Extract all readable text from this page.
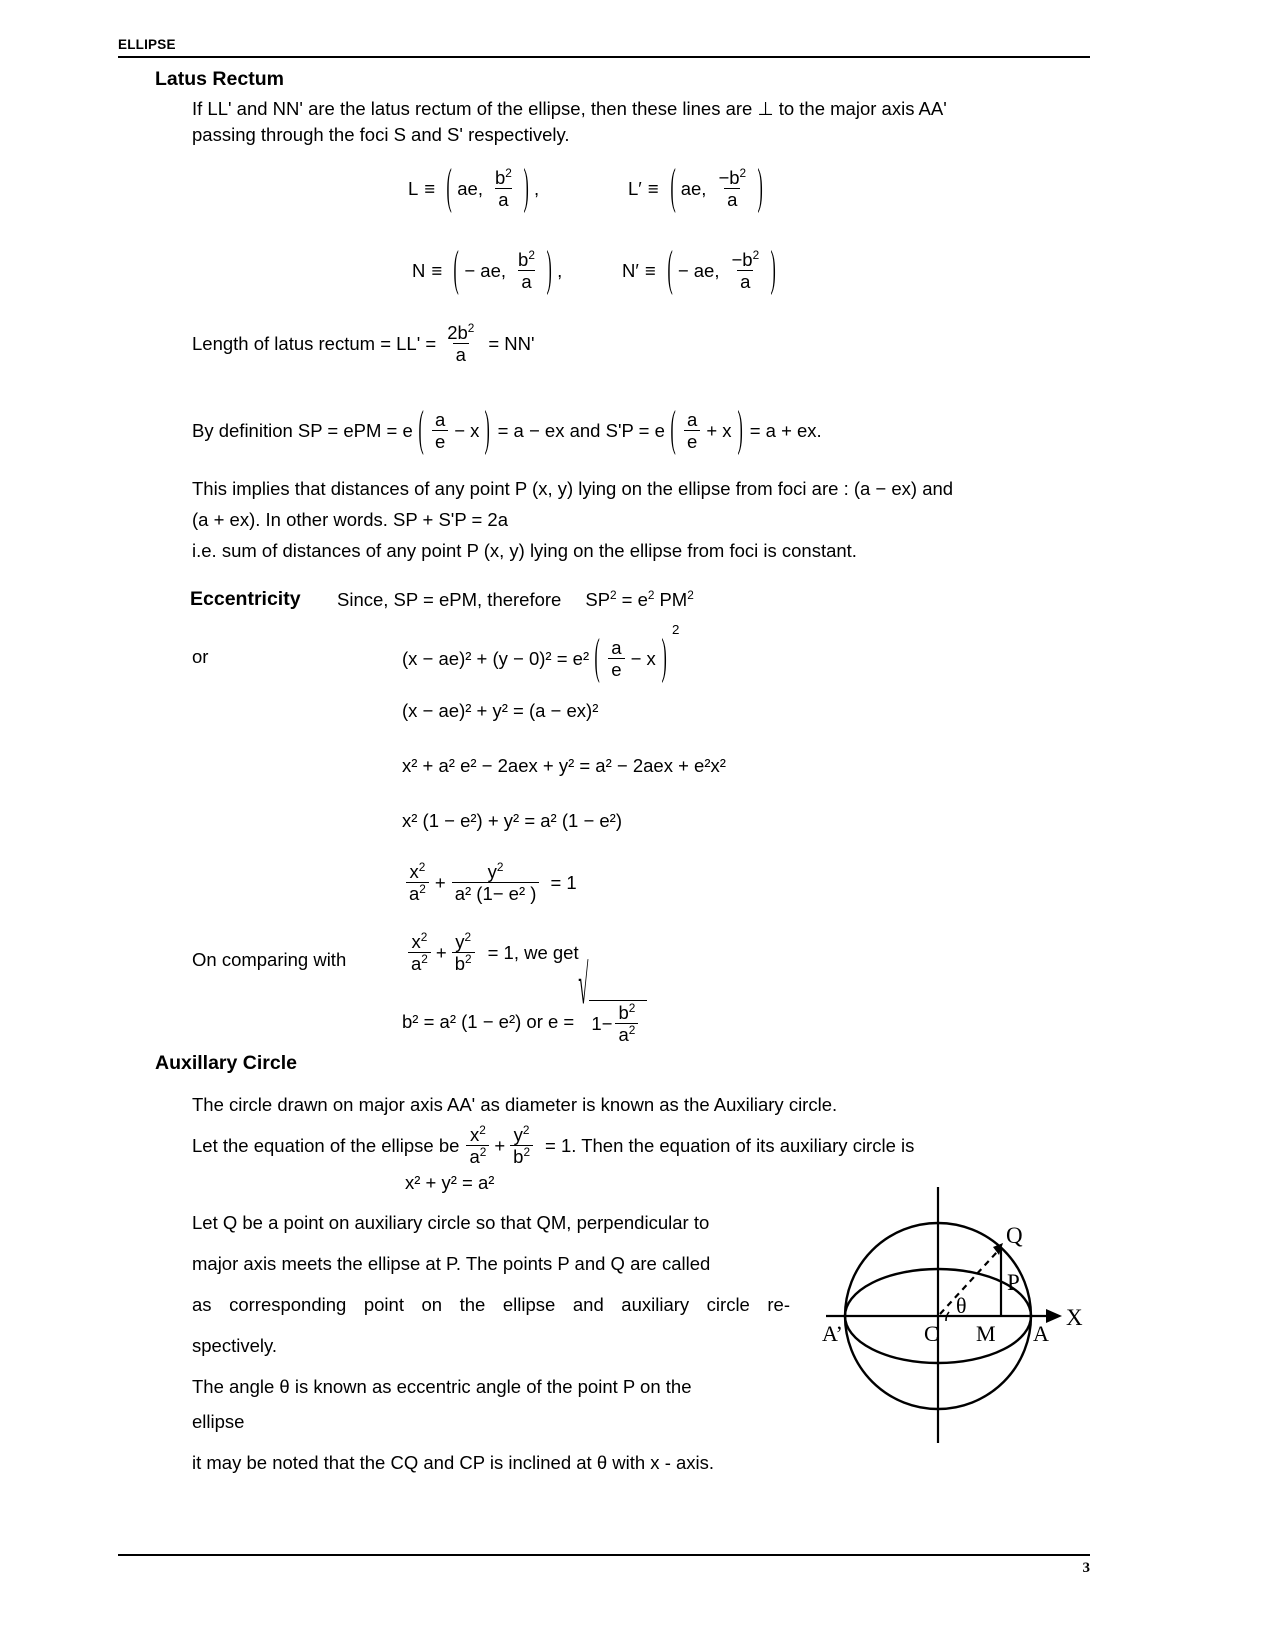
ELLIPSE
Latus Rectum
If LL' and NN' are the latus rectum of the ellipse, then these lines are ⊥ to the major axis AA'
passing through the foci S and S' respectively.
L ≡ ( ae, $\frac{b^2}{a}$ ) ,	L′ ≡ ( ae, $\frac{-b^2}{a}$ )
N ≡ ( − ae, $\frac{b^2}{a}$ ) ,	N′ ≡ ( − ae, $\frac{-b^2}{a}$ )
Length of latus rectum = $LL' = \frac{2b^2}{a} = NN'$
By definition SP = ePM = e ( $\frac{a}{e} - x$ ) = a − ex and S'P = e ( $\frac{a}{e} + x$ ) = a + ex.
This implies that distances of any point P (x, y) lying on the ellipse from foci are : (a − ex) and
(a + ex). In other words. SP + S'P = 2a
i.e. sum of distances of any point P (x, y) lying on the ellipse from foci is constant.
Eccentricity Since, SP = ePM, therefore $SP^2 = e^2$ $PM^2$
or	(x − ae)² + (y − 0)² = e² ( $\frac{a}{e} - x$ )
2
(x − ae)² + y² = (a − ex)²
x² + a² e² − 2aex + y² = a² − 2aex + e²x²
x² (1 − e²) + y² = a² (1 − e²)
$\frac{x^2}{a^2} + \frac{y^2}{\text{a² (1− e² )}} = 1$
On comparing with	$\frac{x^2}{a^2} + \frac{y^2}{b^2} = 1$, we get
b² = a² (1 − e²) or e =
√
$1- \frac{b^2}{a^2}$
Auxillary Circle
The circle drawn on major axis AA' as diameter is known as the Auxiliary circle.
Let the equation of the ellipse be $\frac{x^2}{a^2} + \frac{y^2}{b^2} = 1$. Then the equation of its auxiliary circle is
x² + y² = a²
Let Q be a point on auxiliary circle so that QM, perpendicular to
major axis meets the ellipse at P. The points P and Q are called
as corresponding point on the ellipse and auxiliary circle re-
spectively.
The angle θ is known as eccentric angle of the point P on the
ellipse
it may be noted that the CQ and CP is inclined at θ with x - axis.
Q
P
θ
A’	C M A
X
3
